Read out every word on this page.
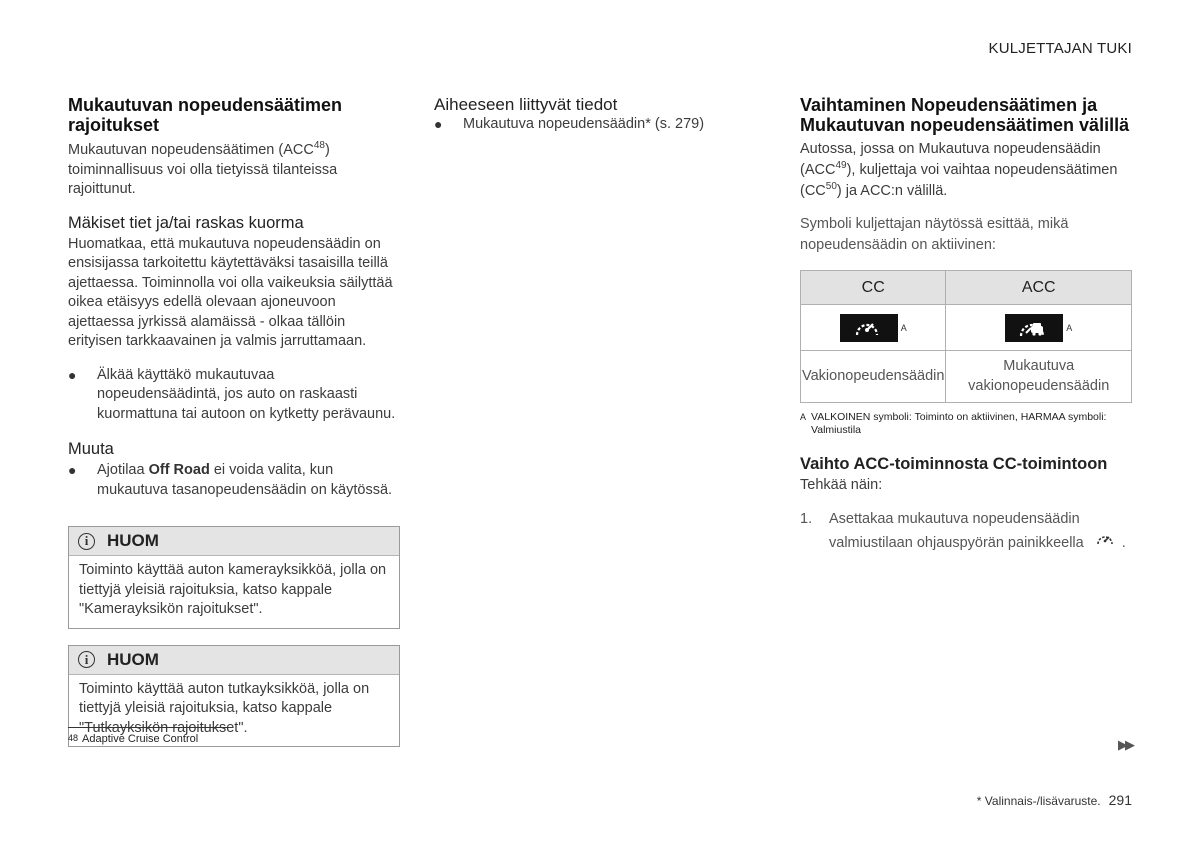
KULJETTAJAN TUKI
Mukautuvan nopeudensäätimen rajoitukset

Mukautuvan nopeudensäätimen (ACC$^{48}$) toiminnallisuus voi olla tietyissä tilanteissa rajoittunut.

Mäkiset tiet ja/tai raskas kuorma

Huomatkaa, että mukautuva nopeudensäädin on ensisijassa tarkoitettu käytettäväksi tasaisilla teillä ajettaessa. Toiminnolla voi olla vaikeuksia säilyttää oikea etäisyys edellä olevaan ajoneuvoon ajettaessa jyrkissä alamäissä - olkaa tällöin erityisen tarkkaavainen ja valmis jarruttamaan.

●	Älkää käyttäkö mukautuvaa nopeudensäädintä, jos auto on raskaasti kuormattuna tai autoon on kytketty perävaunu.

Muuta
●	Ajotilaa Off Road ei voida valita, kun mukautuva tasanopeudensäädin on käytössä.

i	HUOM

Toiminto käyttää auton kamerayksikköä, jolla on tiettyjä yleisiä rajoituksia, katso kappale "Kamerayksikön rajoitukset".

i	HUOM

Toiminto käyttää auton tutkayksikköä, jolla on tiettyjä yleisiä rajoituksia, katso kappale "Tutkayksikön rajoitukset".

$^{48}$ Adaptive Cruise Control
Aiheeseen liittyvät tiedot
●	Mukautuva nopeudensäädin* (s. 279)

Vaihtaminen Nopeudensäätimen ja Mukautuvan nopeudensäätimen välillä

Autossa, jossa on Mukautuva nopeudensäädin (ACC$^{49}$), kuljettaja voi vaihtaa nopeudensäätimen (CC$^{50}$) ja ACC:n välillä.

Symboli kuljettajan näytössä esittää, mikä nopeudensäädin on aktiivinen:

CC	ACC

A	A
Vakionopeudensäädin	Mukautuva vakionopeudensäädin
A VALKOINEN symboli: Toiminto on aktiivinen, HARMAA symboli: Valmiustila
Vaihto ACC-toiminnosta CC-toimintoon

Tehkää näin:

1.	Asettakaa mukautuva nopeudensäädin valmiustilaan ohjauspyörän painikkeella	.

▶▶
* Valinnais-/lisävaruste. 291
